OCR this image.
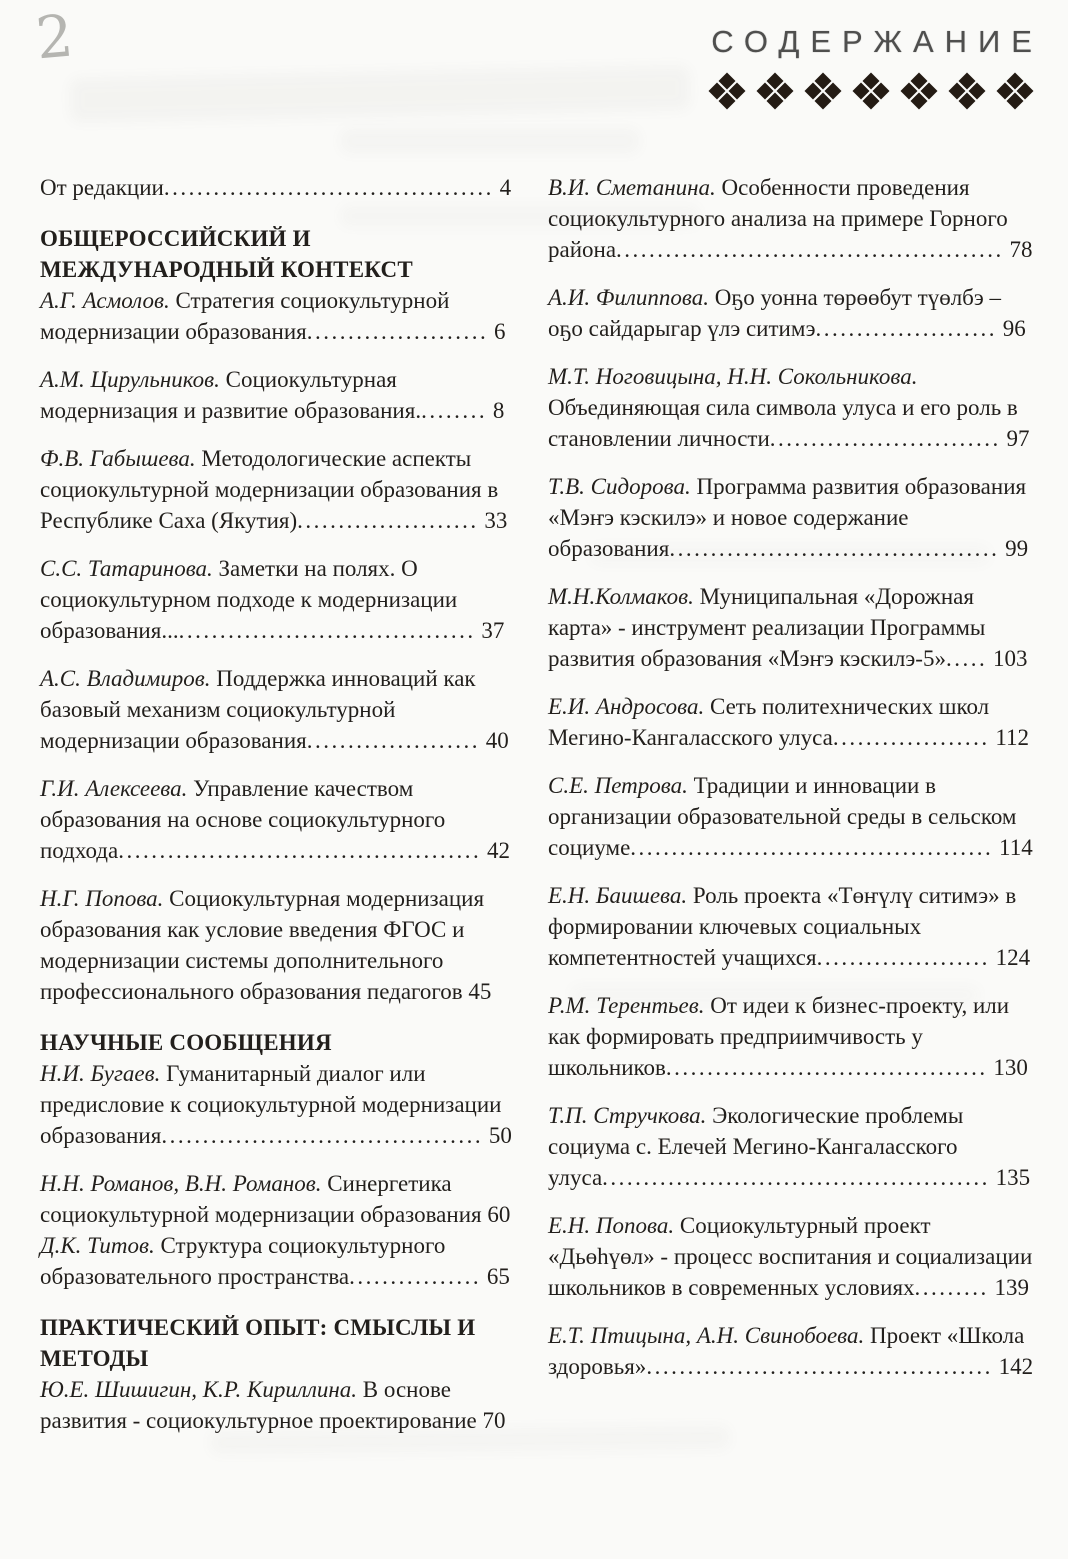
2	СОДЕРЖАНИЕ
От редакции........................................ 4
ОБЩЕРОССИЙСКИЙ И МЕЖДУНАРОДНЫЙ КОНТЕКСТ
А.Г. Асмолов. Стратегия социокультурной модернизации образования...................... 6
А.М. Цирульников. Социокультурная модернизация и развитие образования......... 8
Ф.В. Габышева. Методологические аспекты социокультурной модернизации образования в Республике Саха (Якутия)...................... 33
С.С. Татаринова. Заметки на полях. О социокультурном подходе к модернизации образования....................................... 37
А.С. Владимиров. Поддержка инноваций как базовый механизм социокультурной модернизации образования..................... 40
Г.И. Алексеева. Управление качеством образования на основе социокультурного подхода............................................ 42
Н.Г. Попова. Социокультурная модернизация образования как условие введения ФГОС и модернизации системы дополнительного профессионального образования педагогов 45
НАУЧНЫЕ СООБЩЕНИЯ
Н.И. Бугаев. Гуманитарный диалог или предисловие к социокультурной модернизации образования....................................... 50
Н.Н. Романов, В.Н. Романов. Синергетика социокультурной модернизации образования 60
Д.К. Титов. Структура социокультурного образовательного пространства................ 65
ПРАКТИЧЕСКИЙ ОПЫТ: СМЫСЛЫ И МЕТОДЫ
Ю.Е. Шишигин, К.Р. Кириллина. В основе развития - социокультурное проектирование 70
В.И. Сметанина. Особенности проведения социокультурного анализа на примере Горного района............................................... 78
А.И. Филиппова. Оҕо уонна төрөөбут түөлбэ – оҕо сайдарыгар үлэ ситимэ...................... 96
М.Т. Ноговицына, Н.Н. Сокольникова. Объединяющая сила символа улуса и его роль в становлении личности............................ 97
Т.В. Сидорова. Программа развития образования «Мэҥэ кэскилэ» и новое содержание образования........................................ 99
М.Н.Колмаков. Муниципальная «Дорожная карта» - инструмент реализации Программы развития образования «Мэҥэ кэскилэ-5»..... 103
Е.И. Андросова. Сеть политехнических школ Мегино-Кангаласского улуса................... 112
С.Е. Петрова. Традиции и инновации в организации образовательной среды в сельском социуме............................................ 114
Е.Н. Баишева. Роль проекта «Төҥүлү ситимэ» в формировании ключевых социальных компетентностей учащихся..................... 124
Р.М. Терентьев. От идеи к бизнес-проекту, или как формировать предприимчивость у школьников....................................... 130
Т.П. Стручкова. Экологические проблемы социума с. Елечей Мегино-Кангаласского улуса............................................... 135
Е.Н. Попова. Социокультурный проект «Дьөһүөл» - процесс воспитания и социализации школьников в современных условиях......... 139
Е.Т. Птицына, А.Н. Свинобоева. Проект «Школа здоровья».......................................... 142
